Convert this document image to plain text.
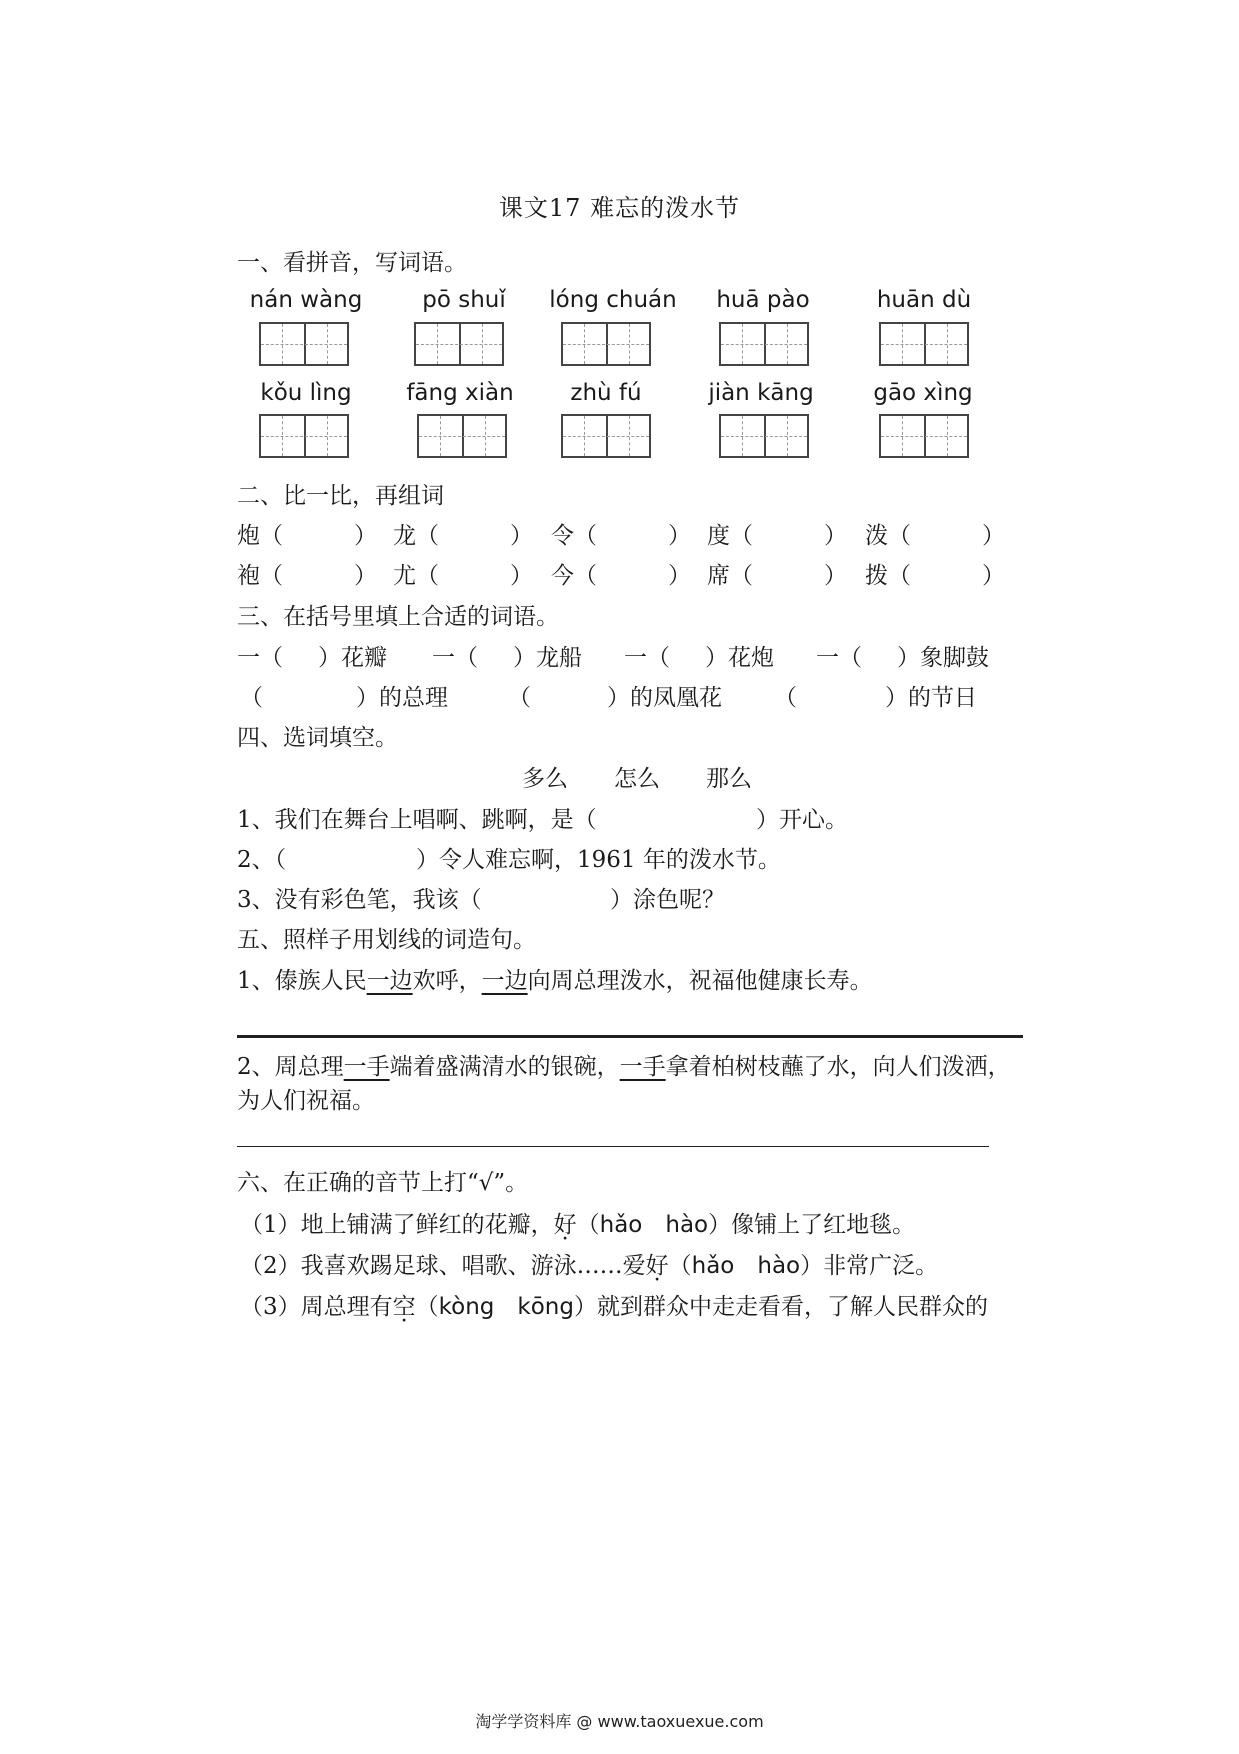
课文17 难忘的泼水节
一、看拼音，写词语。
nán wàng	pō shuǐ	lóng chuán	huā pào	huān dù
kǒu lìng	fāng xiàn	zhù fú	jiàn kāng	gāo xìng
二、比一比，再组词
炮（	） 龙（	） 令（	） 度（	） 泼（	）
袍（	） 尤（	） 今（	） 席（	） 拨（	）
三、在括号里填上合适的词语。
一（ ）花瓣 一（ ）龙船 一（ ）花炮 一（ ）象脚鼓
（	）的总理	（	）的凤凰花 （	）的节日
四、选词填空。
多么　　怎么　　那么
1、我们在舞台上唱啊、跳啊，是（	）开心。
2、（	）令人难忘啊，1961 年的泼水节。
3、没有彩色笔，我该（	）涂色呢？
五、照样子用划线的词造句。
1、傣族人民一边欢呼，一边向周总理泼水，祝福他健康长寿。
2、周总理一手端着盛满清水的银碗，一手拿着柏树枝蘸了水，向人们泼洒，
为人们祝福。
六、在正确的音节上打“√”。
（1）地上铺满了鲜红的花瓣，好（hǎo　hào）像铺上了红地毯。
（2）我喜欢踢足球、唱歌、游泳……爱好（hǎo　hào）非常广泛。
（3）周总理有空（kòng　kōng）就到群众中走走看看，了解人民群众的
淘学学资料库 @ www.taoxuexue.com
